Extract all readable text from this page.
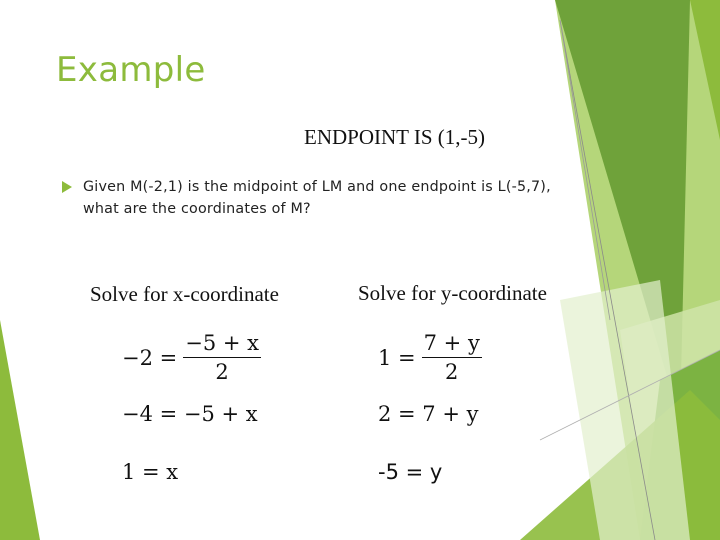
Example
ENDPOINT IS (1,-5)
Given M(-2,1) is the midpoint of LM and one endpoint is L(-5,7), what are the coordinates of M?
Solve for x-coordinate	Solve for y-coordinate
$-2 = \frac{-5 + x}{2}$
−4 = −5 + x
1 = x
$1 = \frac{7 + y}{2}$
2 = 7 + y
-5 = y
